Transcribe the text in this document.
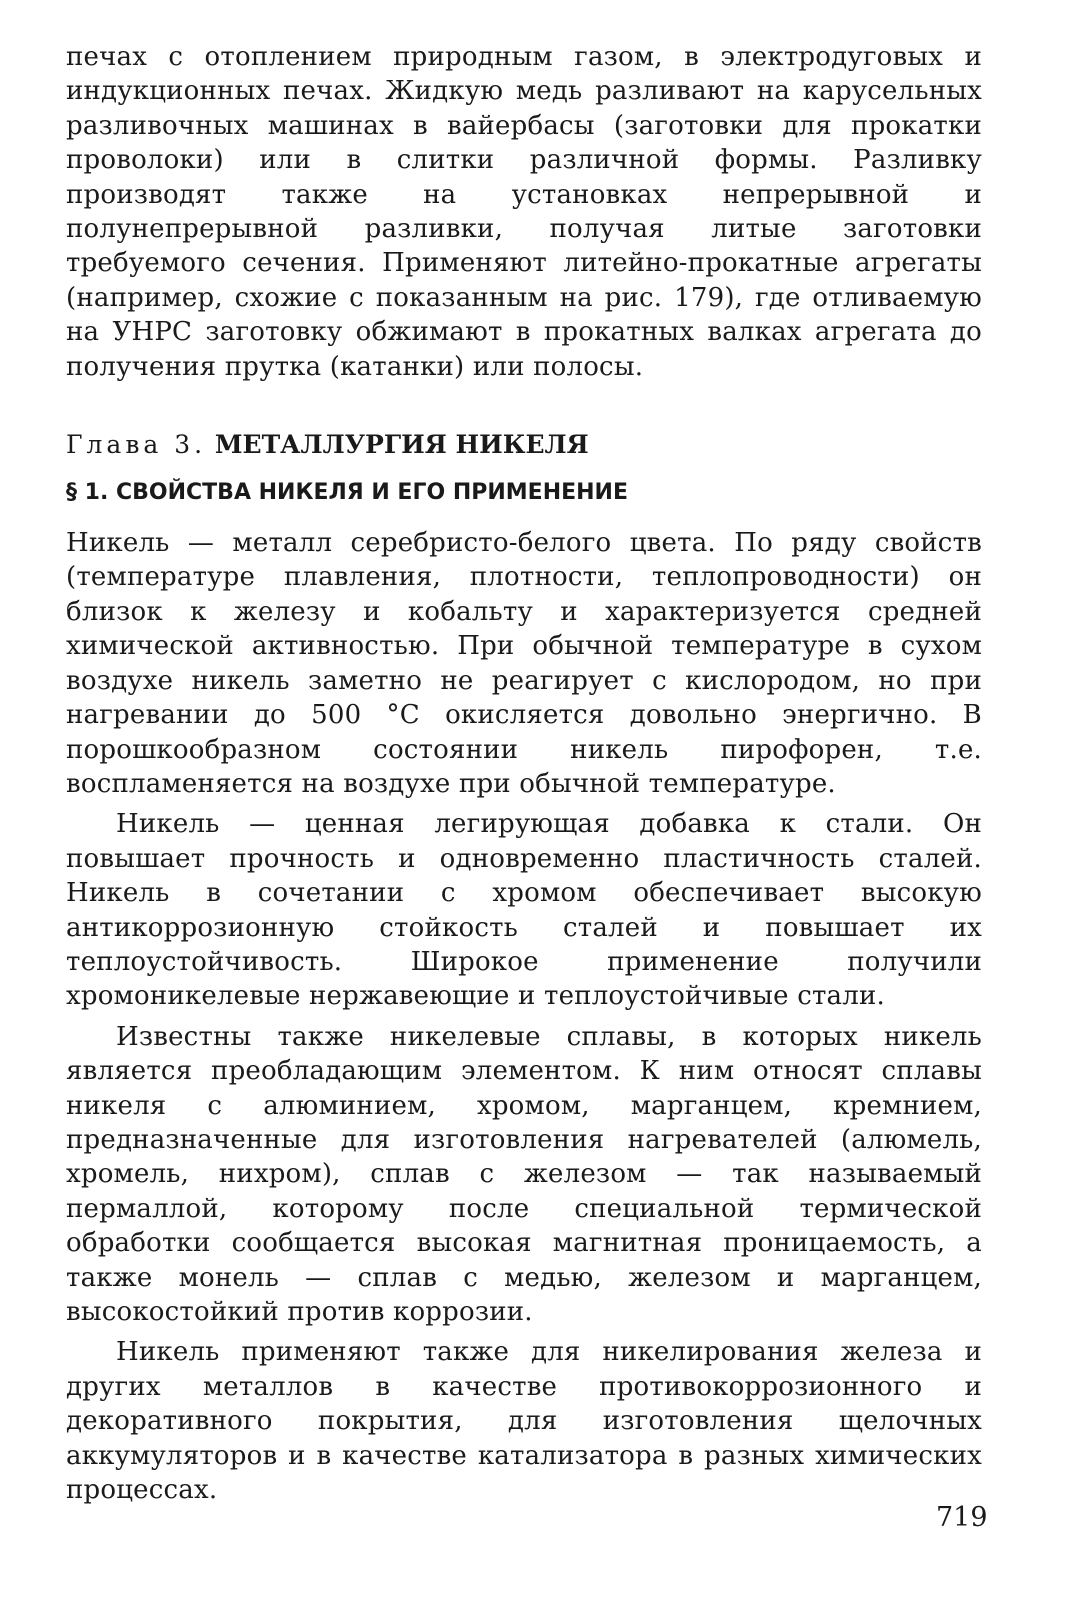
печах с отоплением природным газом, в электродуговых и индукционных печах. Жидкую медь разливают на карусельных разливочных машинах в вайербасы (заготовки для прокатки проволоки) или в слитки различной формы. Разливку производят также на установках непрерывной и полунепрерывной разливки, получая литые заготовки требуемого сечения. Применяют литейно-прокатные агрегаты (например, схожие с показанным на рис. 179), где отливаемую на УНРС заготовку обжимают в прокатных валках агрегата до получения прутка (катанки) или полосы.

Глава 3. МЕТАЛЛУРГИЯ НИКЕЛЯ
§ 1. СВОЙСТВА НИКЕЛЯ И ЕГО ПРИМЕНЕНИЕ

Никель — металл серебристо-белого цвета. По ряду свойств (температуре плавления, плотности, теплопроводности) он близок к железу и кобальту и характеризуется средней химической активностью. При обычной температуре в сухом воздухе никель заметно не реагирует с кислородом, но при нагревании до 500 °С окисляется довольно энергично. В порошкообразном состоянии никель пирофорен, т.е. воспламеняется на воздухе при обычной температуре.

Никель — ценная легирующая добавка к стали. Он повышает прочность и одновременно пластичность сталей. Никель в сочетании с хромом обеспечивает высокую антикоррозионную стойкость сталей и повышает их теплоустойчивость. Широкое применение получили хромоникелевые нержавеющие и теплоустойчивые стали.

Известны также никелевые сплавы, в которых никель является преобладающим элементом. К ним относят сплавы никеля с алюминием, хромом, марганцем, кремнием, предназначенные для изготовления нагревателей (алюмель, хромель, нихром), сплав с железом — так называемый пермаллой, которому после специальной термической обработки сообщается высокая магнитная проницаемость, а также монель — сплав с медью, железом и марганцем, высокостойкий против коррозии.

Никель применяют также для никелирования железа и других металлов в качестве противокоррозионного и декоративного покрытия, для изготовления щелочных аккумуляторов и в качестве катализатора в разных химических процессах.

719
